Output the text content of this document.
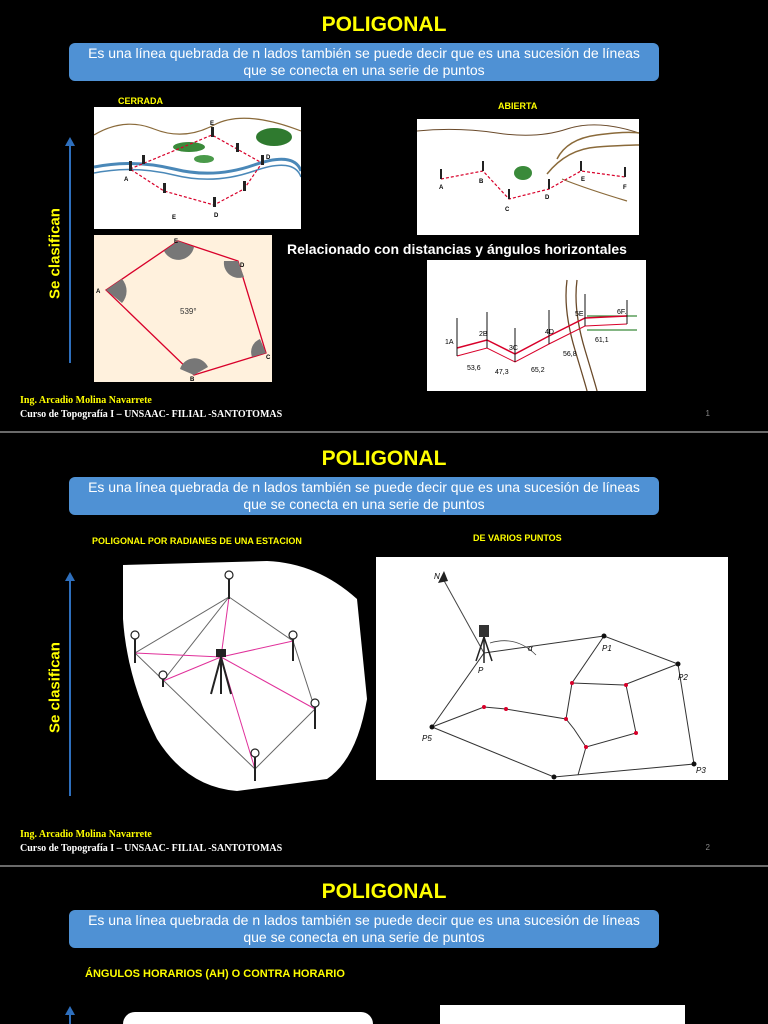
POLIGONAL
Es una línea quebrada de n lados también se puede decir que es una sucesión de líneas que se conecta en una serie de puntos
CERRADA	ABIERTA
Se clasifican
A
E
D
D
E
539°
A
B
C
D
E
A
B
C
D
E
F
Relacionado con distancias y ángulos horizontales
1A
2B
3C
4D
5E	6F.
53,6
47,3	65,2
56,8
61,1
Ing. Arcadio Molina Navarrete
Curso de Topografía I – UNSAAC- FILIAL -SANTOTOMAS	1
POLIGONAL
Es una línea quebrada de n lados también se puede decir que es una sucesión de líneas que se conecta en una serie de puntos
POLIGONAL POR RADIANES DE UNA ESTACION	DE VARIOS PUNTOS
Se clasifican
N
α
P
P1
P2
P3
P5
Ing. Arcadio Molina Navarrete
Curso de Topografía I – UNSAAC- FILIAL -SANTOTOMAS	2
POLIGONAL
Es una línea quebrada de n lados también se puede decir que es una sucesión de líneas que se conecta en una serie de puntos
ÁNGULOS HORARIOS (AH) O CONTRA HORARIO
